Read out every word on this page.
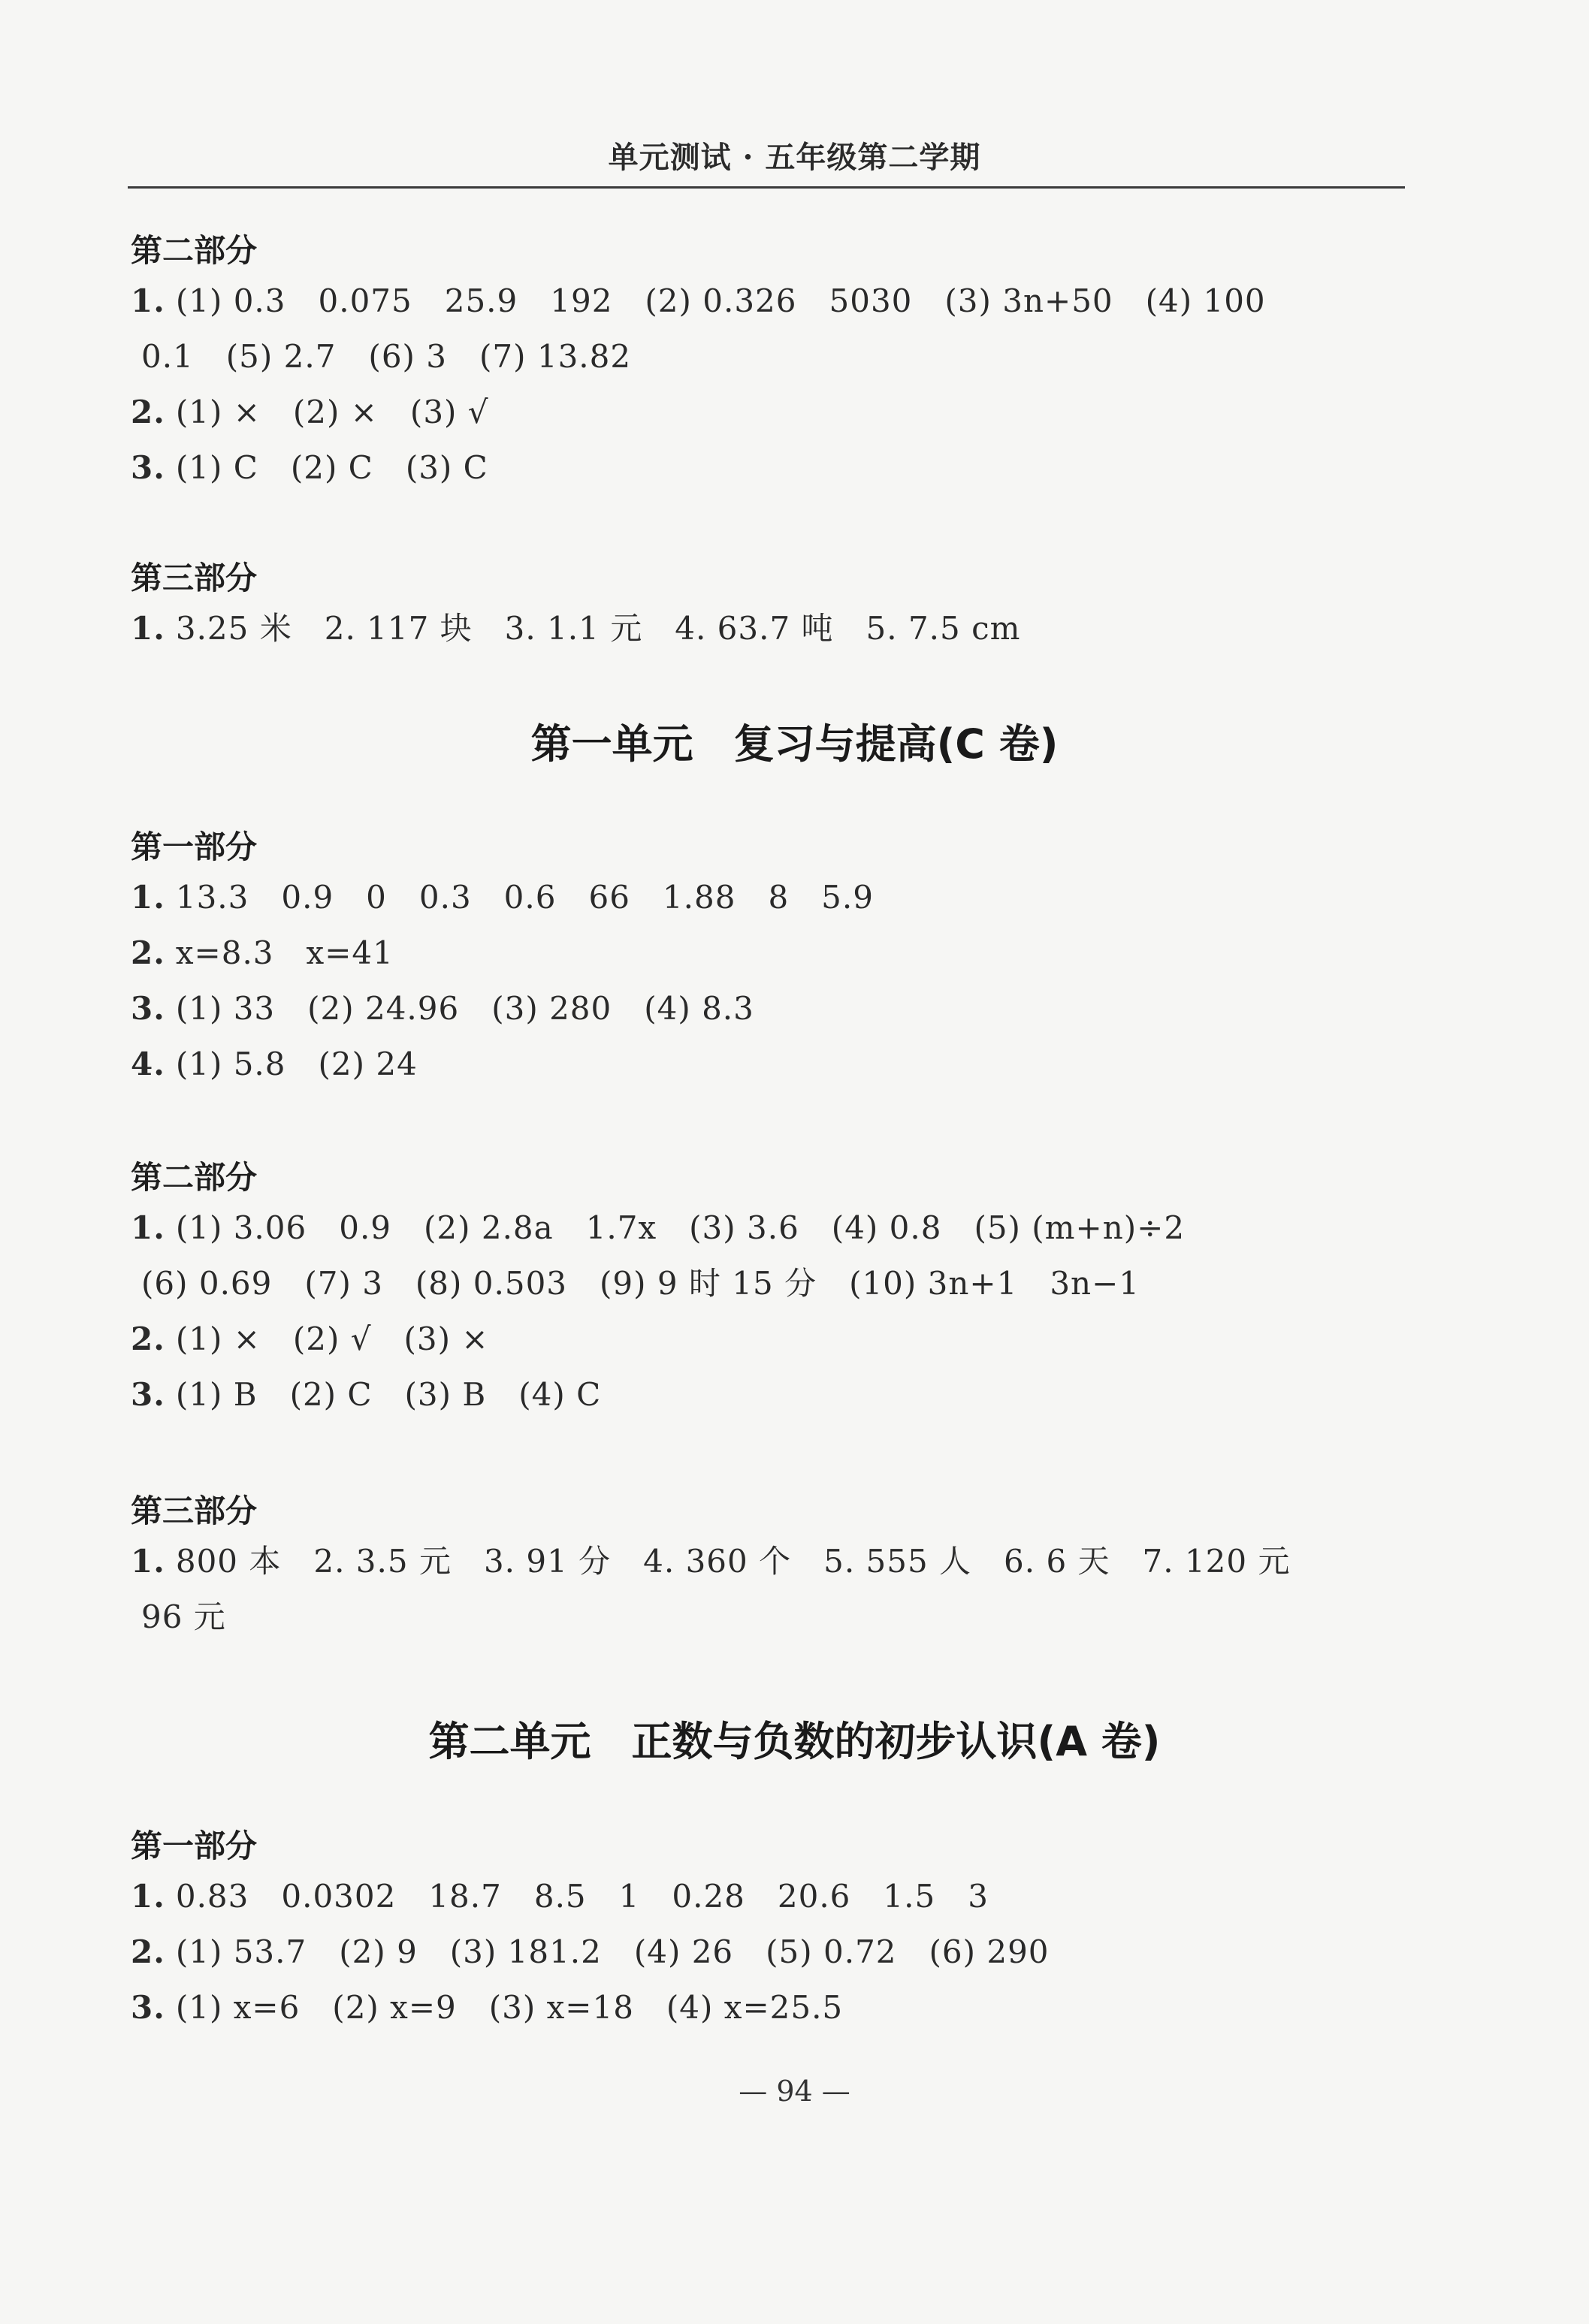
单元测试 · 五年级第二学期
第二部分
1. (1) 0.3　0.075　25.9　192　(2) 0.326　5030　(3) 3n+50　(4) 100
0.1　(5) 2.7　(6) 3　(7) 13.82
2. (1) ×　(2) ×　(3) √
3. (1) C　(2) C　(3) C
第三部分
1. 3.25 米　2. 117 块　3. 1.1 元　4. 63.7 吨　5. 7.5 cm
第一单元　复习与提高(C 卷)
第一部分
1. 13.3　0.9　0　0.3　0.6　66　1.88　8　5.9
2. x=8.3　x=41
3. (1) 33　(2) 24.96　(3) 280　(4) 8.3
4. (1) 5.8　(2) 24
第二部分
1. (1) 3.06　0.9　(2) 2.8a　1.7x　(3) 3.6　(4) 0.8　(5) (m+n)÷2
(6) 0.69　(7) 3　(8) 0.503　(9) 9 时 15 分　(10) 3n+1　3n−1
2. (1) ×　(2) √　(3) ×
3. (1) B　(2) C　(3) B　(4) C
第三部分
1. 800 本　2. 3.5 元　3. 91 分　4. 360 个　5. 555 人　6. 6 天　7. 120 元
96 元
第二单元　正数与负数的初步认识(A 卷)
第一部分
1. 0.83　0.0302　18.7　8.5　1　0.28　20.6　1.5　3
2. (1) 53.7　(2) 9　(3) 181.2　(4) 26　(5) 0.72　(6) 290
3. (1) x=6　(2) x=9　(3) x=18　(4) x=25.5
— 94 —
